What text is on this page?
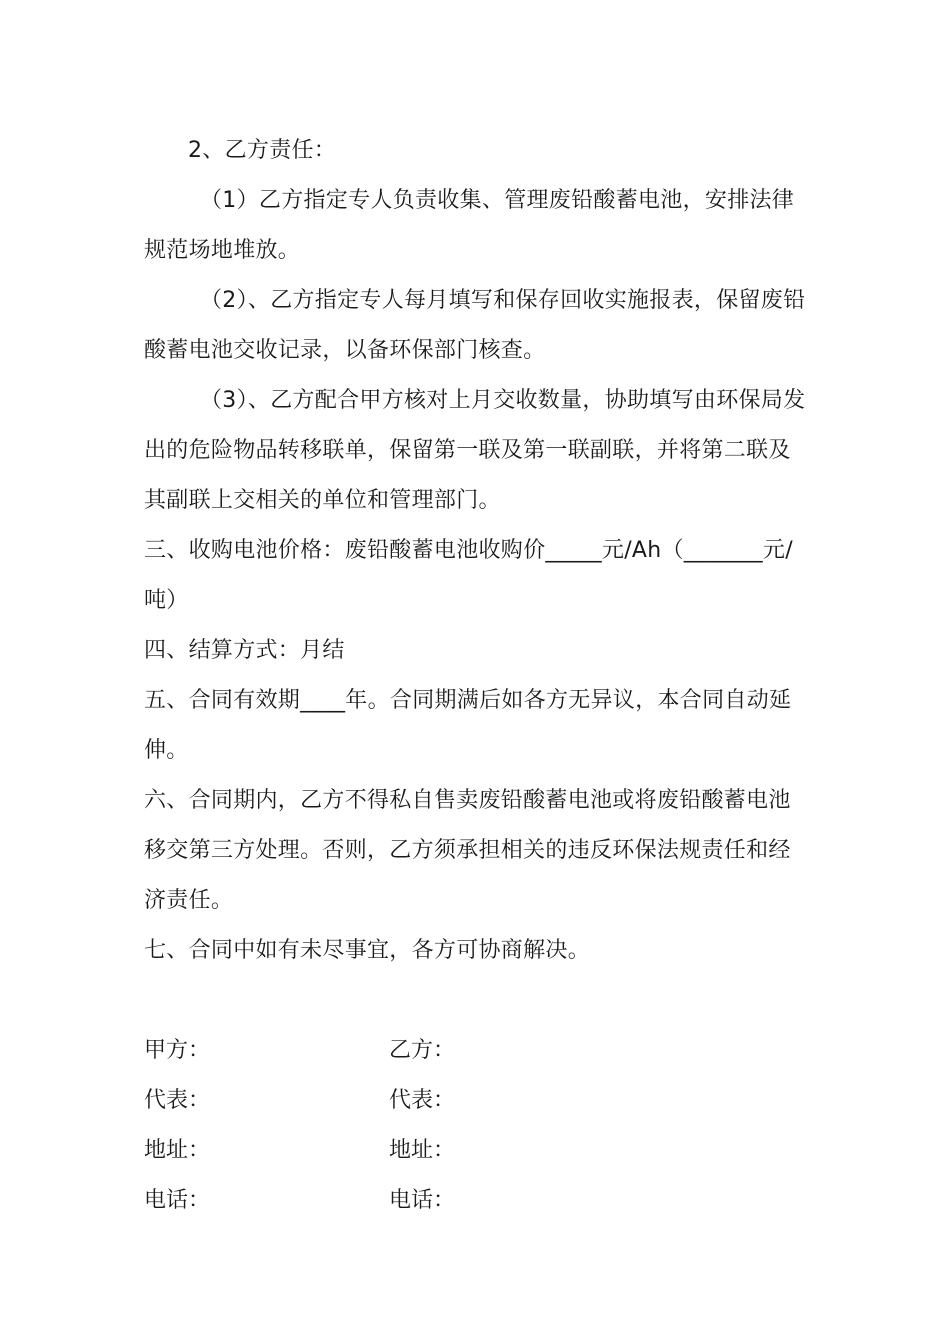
2、乙方责任：

（1）乙方指定专人负责收集、管理废铅酸蓄电池，安排法律规范场地堆放。

（2）、乙方指定专人每月填写和保存回收实施报表，保留废铅酸蓄电池交收记录，以备环保部门核查。

（3）、乙方配合甲方核对上月交收数量，协助填写由环保局发出的危险物品转移联单，保留第一联及第一联副联，并将第二联及其副联上交相关的单位和管理部门。

三、收购电池价格：废铅酸蓄电池收购价_____元/Ah（_______元/吨）

四、结算方式：月结

五、合同有效期____年。合同期满后如各方无异议，本合同自动延伸。

六、合同期内，乙方不得私自售卖废铅酸蓄电池或将废铅酸蓄电池移交第三方处理。否则，乙方须承担相关的违反环保法规责任和经济责任。

七、合同中如有未尽事宜，各方可协商解决。

甲方：	乙方：
代表：	代表：
地址：	地址：
电话：	电话：
